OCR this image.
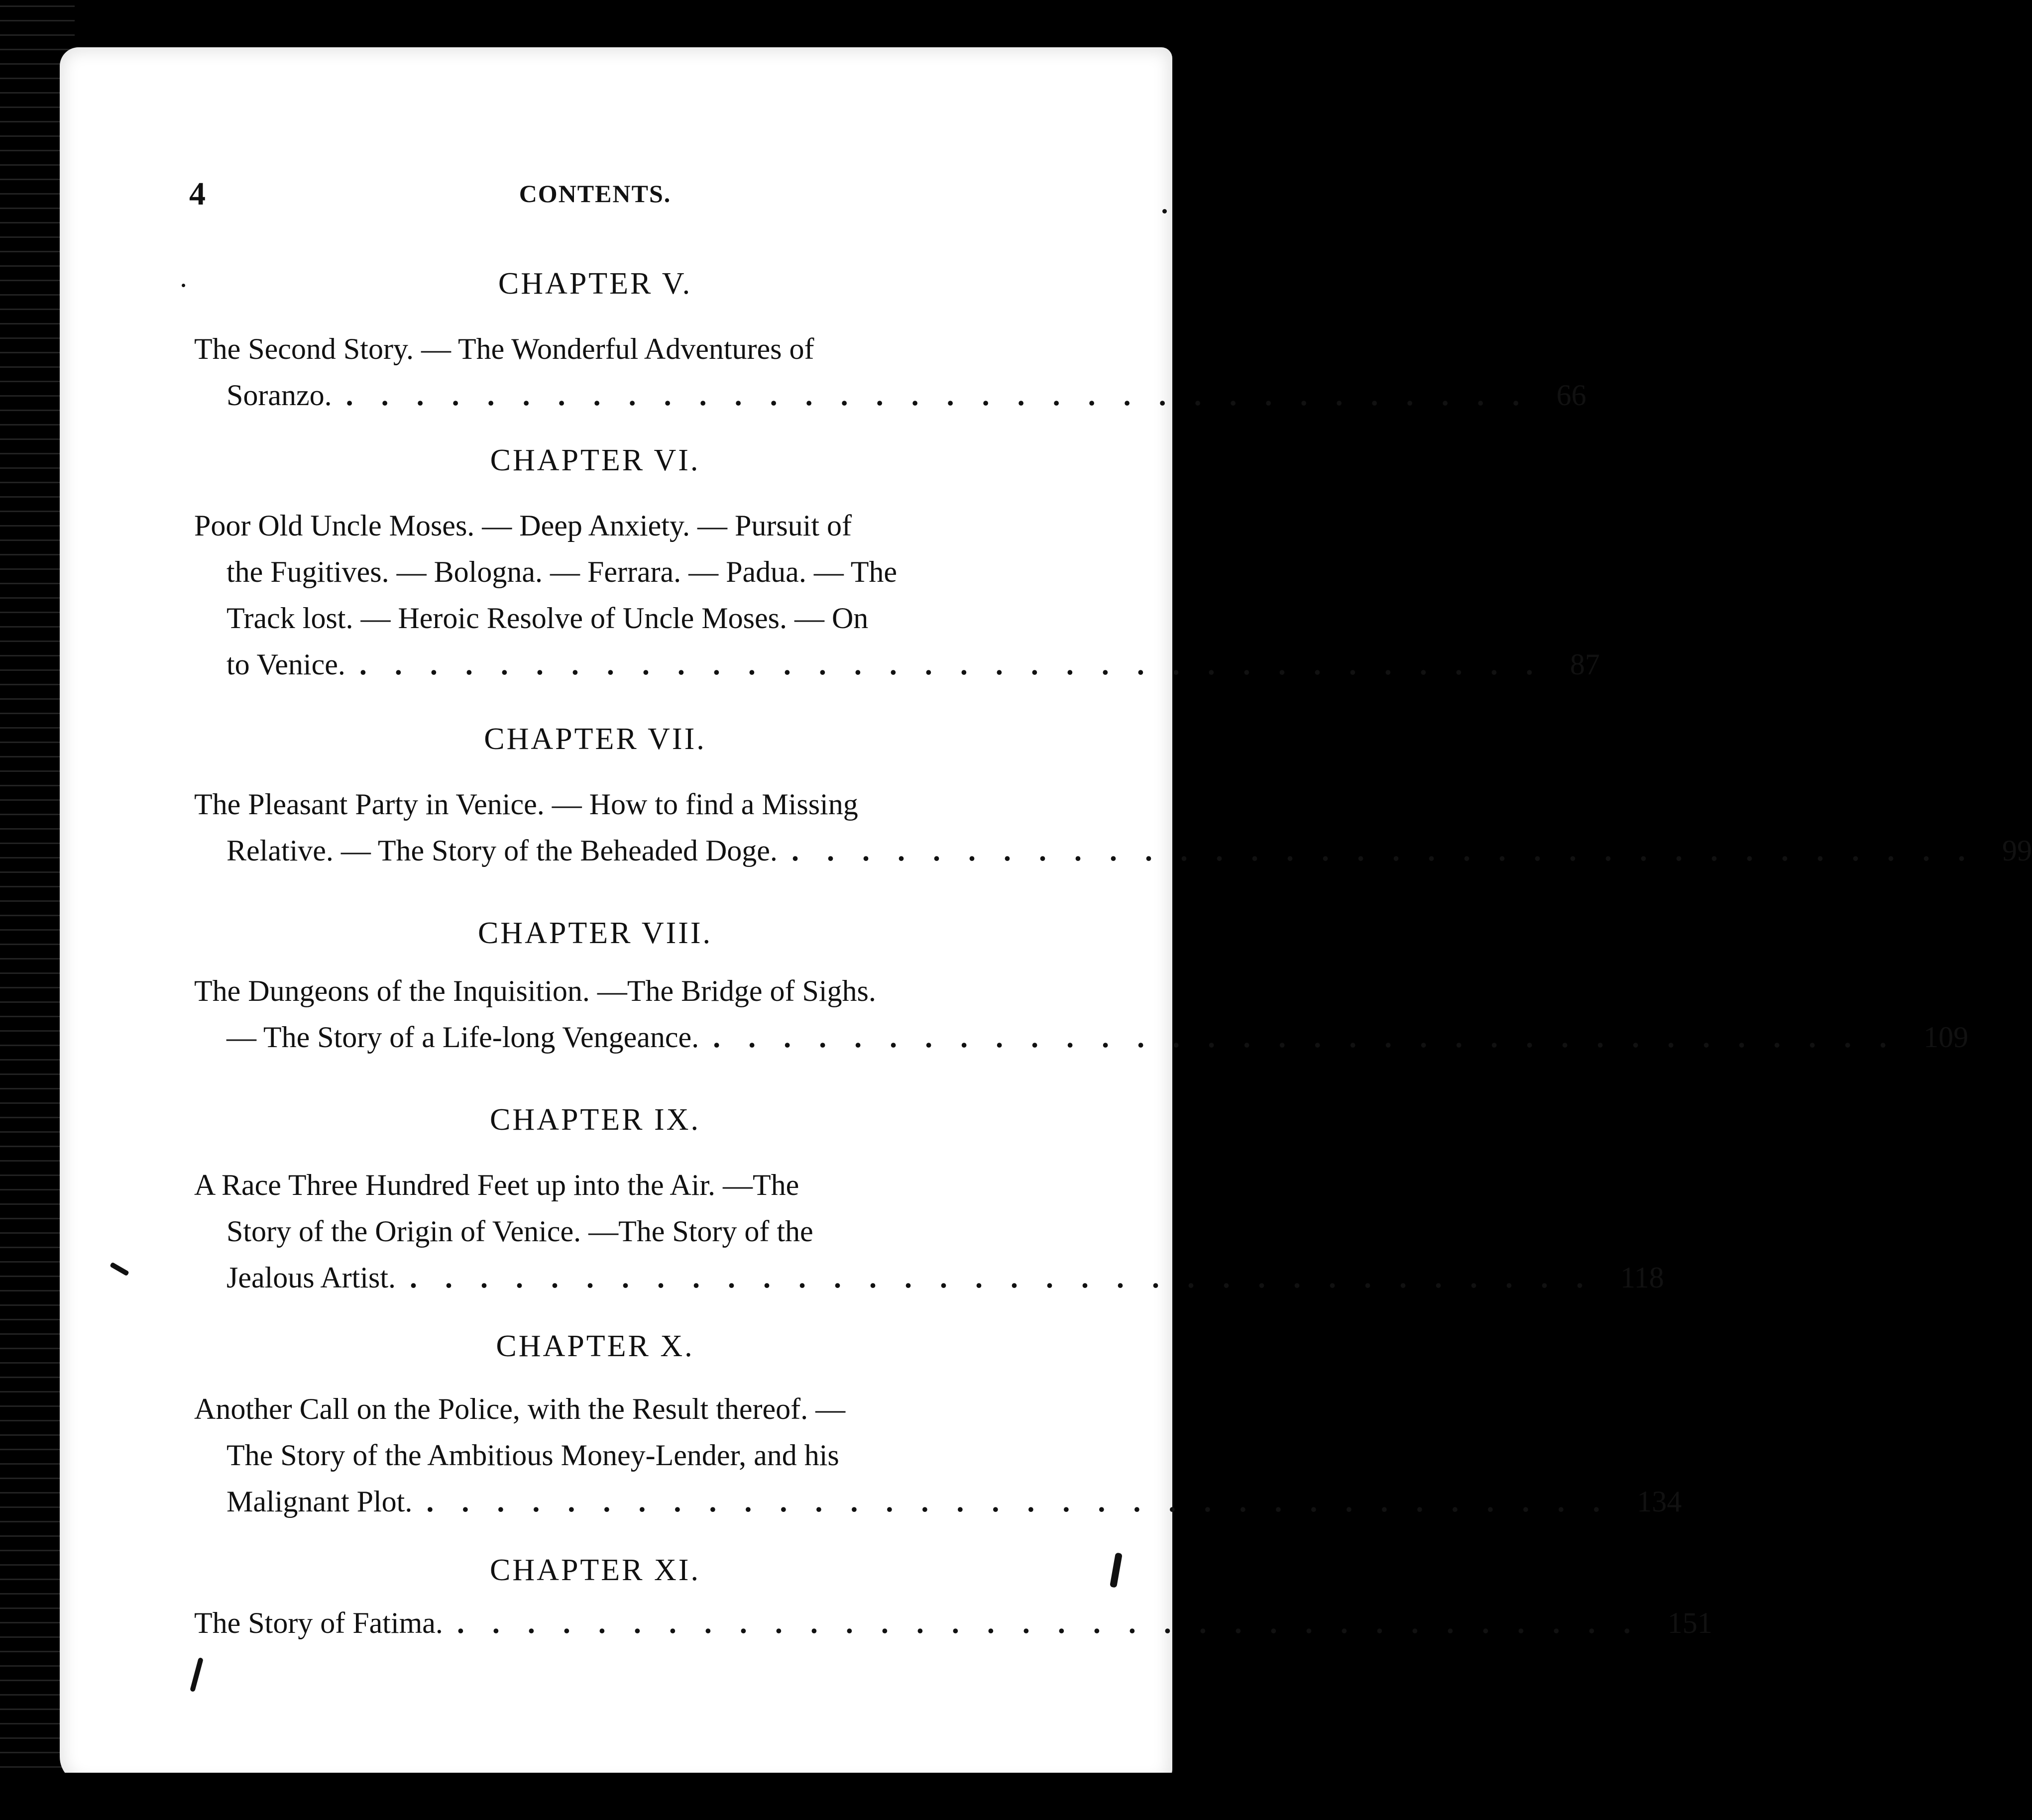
4	CONTENTS.
CHAPTER V.
The Second Story. — The Wonderful Adventures of
Soranzo. .................................. 66
CHAPTER VI.
Poor Old Uncle Moses. — Deep Anxiety. — Pursuit of
the Fugitives. — Bologna. — Ferrara. — Padua. — The
Track lost. — Heroic Resolve of Uncle Moses. — On
to Venice. .................................. 87
CHAPTER VII.
The Pleasant Party in Venice. — How to find a Missing
Relative. — The Story of the Beheaded Doge. .................................. 99
CHAPTER VIII.
The Dungeons of the Inquisition. —The Bridge of Sighs.
— The Story of a Life-long Vengeance. .................................. 109
CHAPTER IX.
A Race Three Hundred Feet up into the Air. —The
Story of the Origin of Venice. —The Story of the
Jealous Artist. .................................. 118
CHAPTER X.
Another Call on the Police, with the Result thereof. —
The Story of the Ambitious Money-Lender, and his
Malignant Plot. .................................. 134
CHAPTER XI.
The Story of Fatima. .................................. 151
